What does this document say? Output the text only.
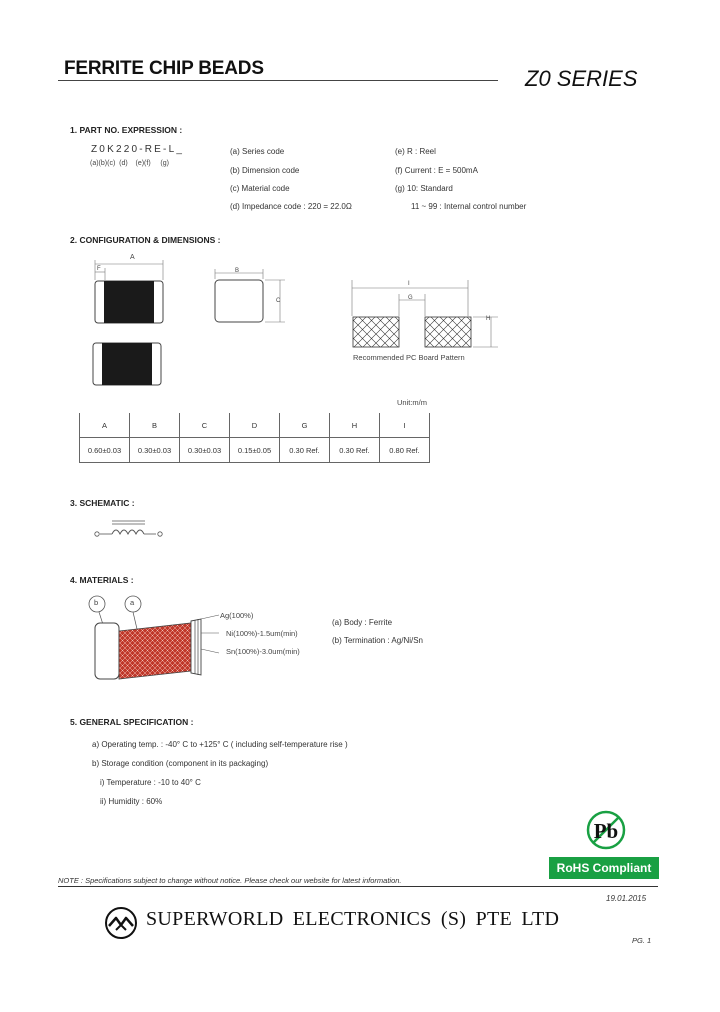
FERRITE CHIP BEADS	Z0 SERIES
1. PART NO. EXPRESSION :
Z0K220-RE-L_
(a)(b)(c)  (d)    (e)(f)     (g)
(a) Series code
(b) Dimension code
(c) Material code
(d) Impedance code : 220 = 22.0Ω
(e) R : Reel
(f) Current : E = 500mA
(g) 10: Standard
11 ~ 99 : Internal control number
2. CONFIGURATION & DIMENSIONS :
A
F	B
C
I
G
H
Recommended PC Board Pattern
Unit:m/m
A	B	C	D	G	H	I
0.60±0.03	0.30±0.03	0.30±0.03	0.15±0.05	0.30 Ref.	0.30 Ref.	0.80 Ref.
3. SCHEMATIC :
4. MATERIALS :
b	a
Ag(100%)
Ni(100%)-1.5um(min)
Sn(100%)-3.0um(min)
(a) Body : Ferrite
(b) Termination : Ag/Ni/Sn
5. GENERAL SPECIFICATION :
a) Operating temp. : -40° C to +125° C ( including self-temperature rise )
b) Storage condition (component in its packaging)
i) Temperature : -10 to 40° C
ii) Humidity : 60%
Pb
RoHS Compliant
NOTE : Specifications subject to change without notice. Please check our website for latest information.
19.01.2015
SUPERWORLD ELECTRONICS (S) PTE LTD
PG. 1
